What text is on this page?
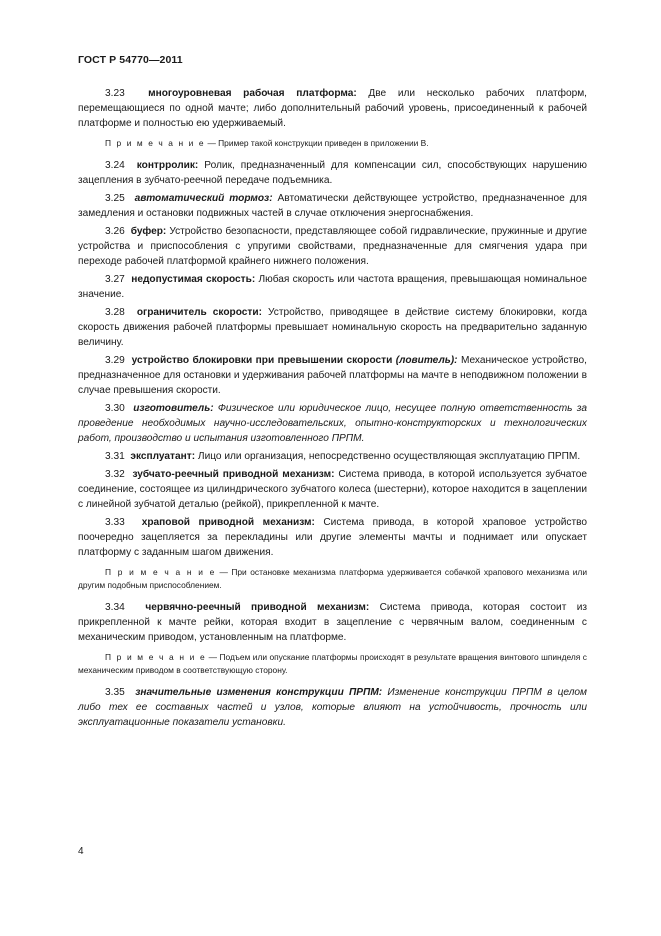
ГОСТ Р 54770—2011

3.23 многоуровневая рабочая платформа: Две или несколько рабочих платформ, перемещающиеся по одной мачте; либо дополнительный рабочий уровень, присоединенный к рабочей платформе и полностью ею удерживаемый.

П р и м е ч а н и е — Пример такой конструкции приведен в приложении В.

3.24 контрролик: Ролик, предназначенный для компенсации сил, способствующих нарушению зацепления в зубчато-реечной передаче подъемника.

3.25 автоматический тормоз: Автоматически действующее устройство, предназначенное для замедления и остановки подвижных частей в случае отключения энергоснабжения.

3.26 буфер: Устройство безопасности, представляющее собой гидравлические, пружинные и другие устройства и приспособления с упругими свойствами, предназначенные для смягчения удара при переходе рабочей платформой крайнего нижнего положения.

3.27 недопустимая скорость: Любая скорость или частота вращения, превышающая номинальное значение.

3.28 ограничитель скорости: Устройство, приводящее в действие систему блокировки, когда скорость движения рабочей платформы превышает номинальную скорость на предварительно заданную величину.

3.29 устройство блокировки при превышении скорости (ловитель): Механическое устройство, предназначенное для остановки и удерживания рабочей платформы на мачте в неподвижном положении в случае превышения скорости.

3.30 изготовитель: Физическое или юридическое лицо, несущее полную ответственность за проведение необходимых научно-исследовательских, опытно-конструкторских и технологических работ, производство и испытания изготовленного ПРПМ.

3.31 эксплуатант: Лицо или организация, непосредственно осуществляющая эксплуатацию ПРПМ.

3.32 зубчато-реечный приводной механизм: Система привода, в которой используется зубчатое соединение, состоящее из цилиндрического зубчатого колеса (шестерни), которое находится в зацеплении с линейной зубчатой деталью (рейкой), прикрепленной к мачте.

3.33 храповой приводной механизм: Система привода, в которой храповое устройство поочередно зацепляется за перекладины или другие элементы мачты и поднимает или опускает платформу с заданным шагом движения.

П р и м е ч а н и е — При остановке механизма платформа удерживается собачкой храпового механизма или другим подобным приспособлением.

3.34 червячно-реечный приводной механизм: Система привода, которая состоит из прикрепленной к мачте рейки, которая входит в зацепление с червячным валом, соединенным с механическим приводом, установленным на платформе.

П р и м е ч а н и е — Подъем или опускание платформы происходят в результате вращения винтового шпинделя с механическим приводом в соответствующую сторону.

3.35 значительные изменения конструкции ПРПМ: Изменение конструкции ПРПМ в целом либо тех ее составных частей и узлов, которые влияют на устойчивость, прочность или эксплуатационные показатели установки.

4
